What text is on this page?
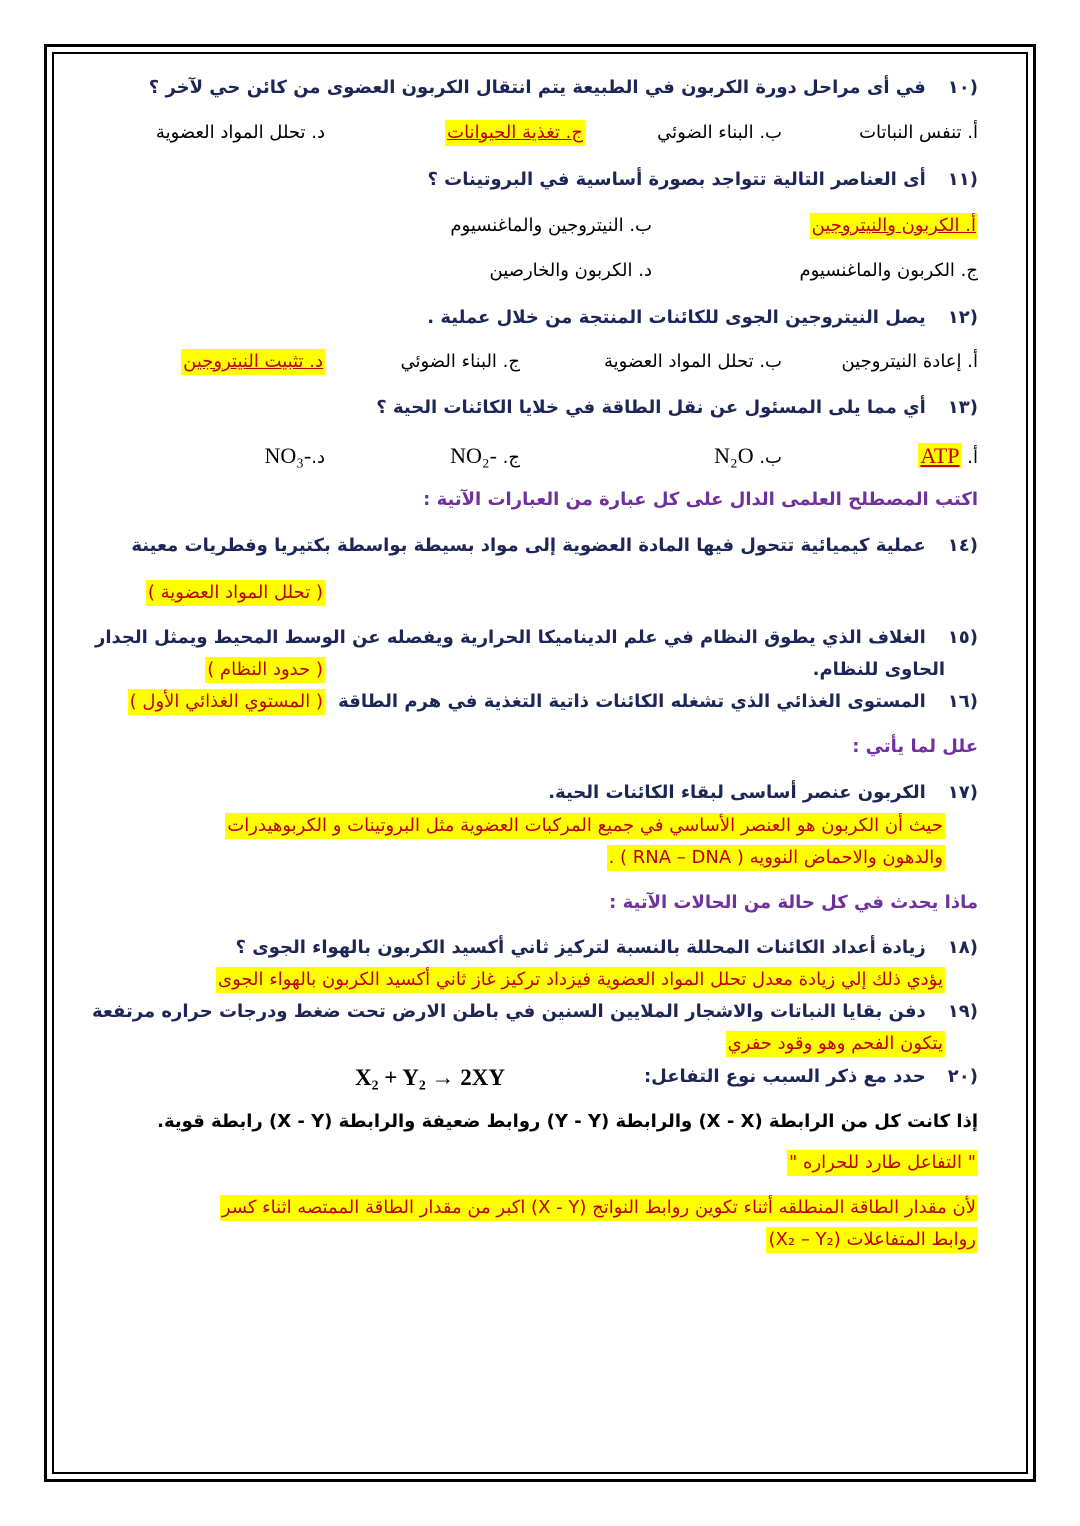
١٠)في أى مراحل دورة الكربون في الطبيعة يتم انتقال الكربون العضوى من كائن حي لآخر ؟
أ. تنفس النباتات
ب. البناء الضوئي
ج. تغذية الحيوانات
د. تحلل المواد العضوية
١١)أى العناصر التالية تتواجد بصورة أساسية في البروتينات ؟
أ. الكربون والنيتروجين
ب. النيتروجين والماغنسيوم
ج. الكربون والماغنسيوم
د. الكربون والخارصين
١٢)يصل النيتروجين الجوى للكائنات المنتجة من خلال عملية .
أ. إعادة النيتروجين
ب. تحلل المواد العضوية
ج. البناء الضوئي
د. تثبيت النيتروجين
١٣)أي مما يلى المسئول عن نقل الطاقة في خلايا الكائنات الحية ؟
أ. ATP
ب. N₂O
ج. -NO₂
د.-NO₃
اكتب المصطلح العلمى الدال على كل عبارة من العبارات الآتية :
١٤)عملية كيميائية تتحول فيها المادة العضوية إلى مواد بسيطة بواسطة بكتيريا وفطريات معينة
( تحلل المواد العضوية )
١٥)الغلاف الذي يطوق النظام في علم الديناميكا الحرارية ويفصله عن الوسط المحيط ويمثل الجدار
الحاوى للنظام.
( حدود النظام )
١٦)المستوى الغذائي الذي تشغله الكائنات ذاتية التغذية في هرم الطاقة
( المستوي الغذائي الأول )
علل لما يأتي :
١٧)الكربون عنصر أساسى لبقاء الكائنات الحية.
حيث أن الكربون هو العنصر الأساسي في جميع المركبات العضوية مثل البروتينات و الكربوهيدرات
والدهون والاحماض النوويه ( RNA – DNA ) .
ماذا يحدث في كل حالة من الحالات الآتية :
١٨)زيادة أعداد الكائنات المحللة بالنسبة لتركيز ثاني أكسيد الكربون بالهواء الجوى ؟
يؤدي ذلك إلي زيادة معدل تحلل المواد العضوية فيزداد تركيز غاز ثاني أكسيد الكربون بالهواء الجوى
١٩)دفن بقايا النباتات والاشجار الملايين السنين في باطن الارض تحت ضغط ودرجات حراره مرتفعة
يتكون الفحم وهو وقود حفري
٢٠)حدد مع ذكر السبب نوع التفاعل:
X₂ + Y₂ → 2XY
إذا كانت كل من الرابطة (X - X) والرابطة (Y - Y) روابط ضعيفة والرابطة (X - Y) رابطة قوية.
" التفاعل طارد للحراره "
لأن مقدار الطاقة المنطلقه أثناء تكوين روابط النواتج (X - Y) اكبر من مقدار الطاقة الممتصه اثناء كسر
روابط المتفاعلات (X₂ – Y₂)
